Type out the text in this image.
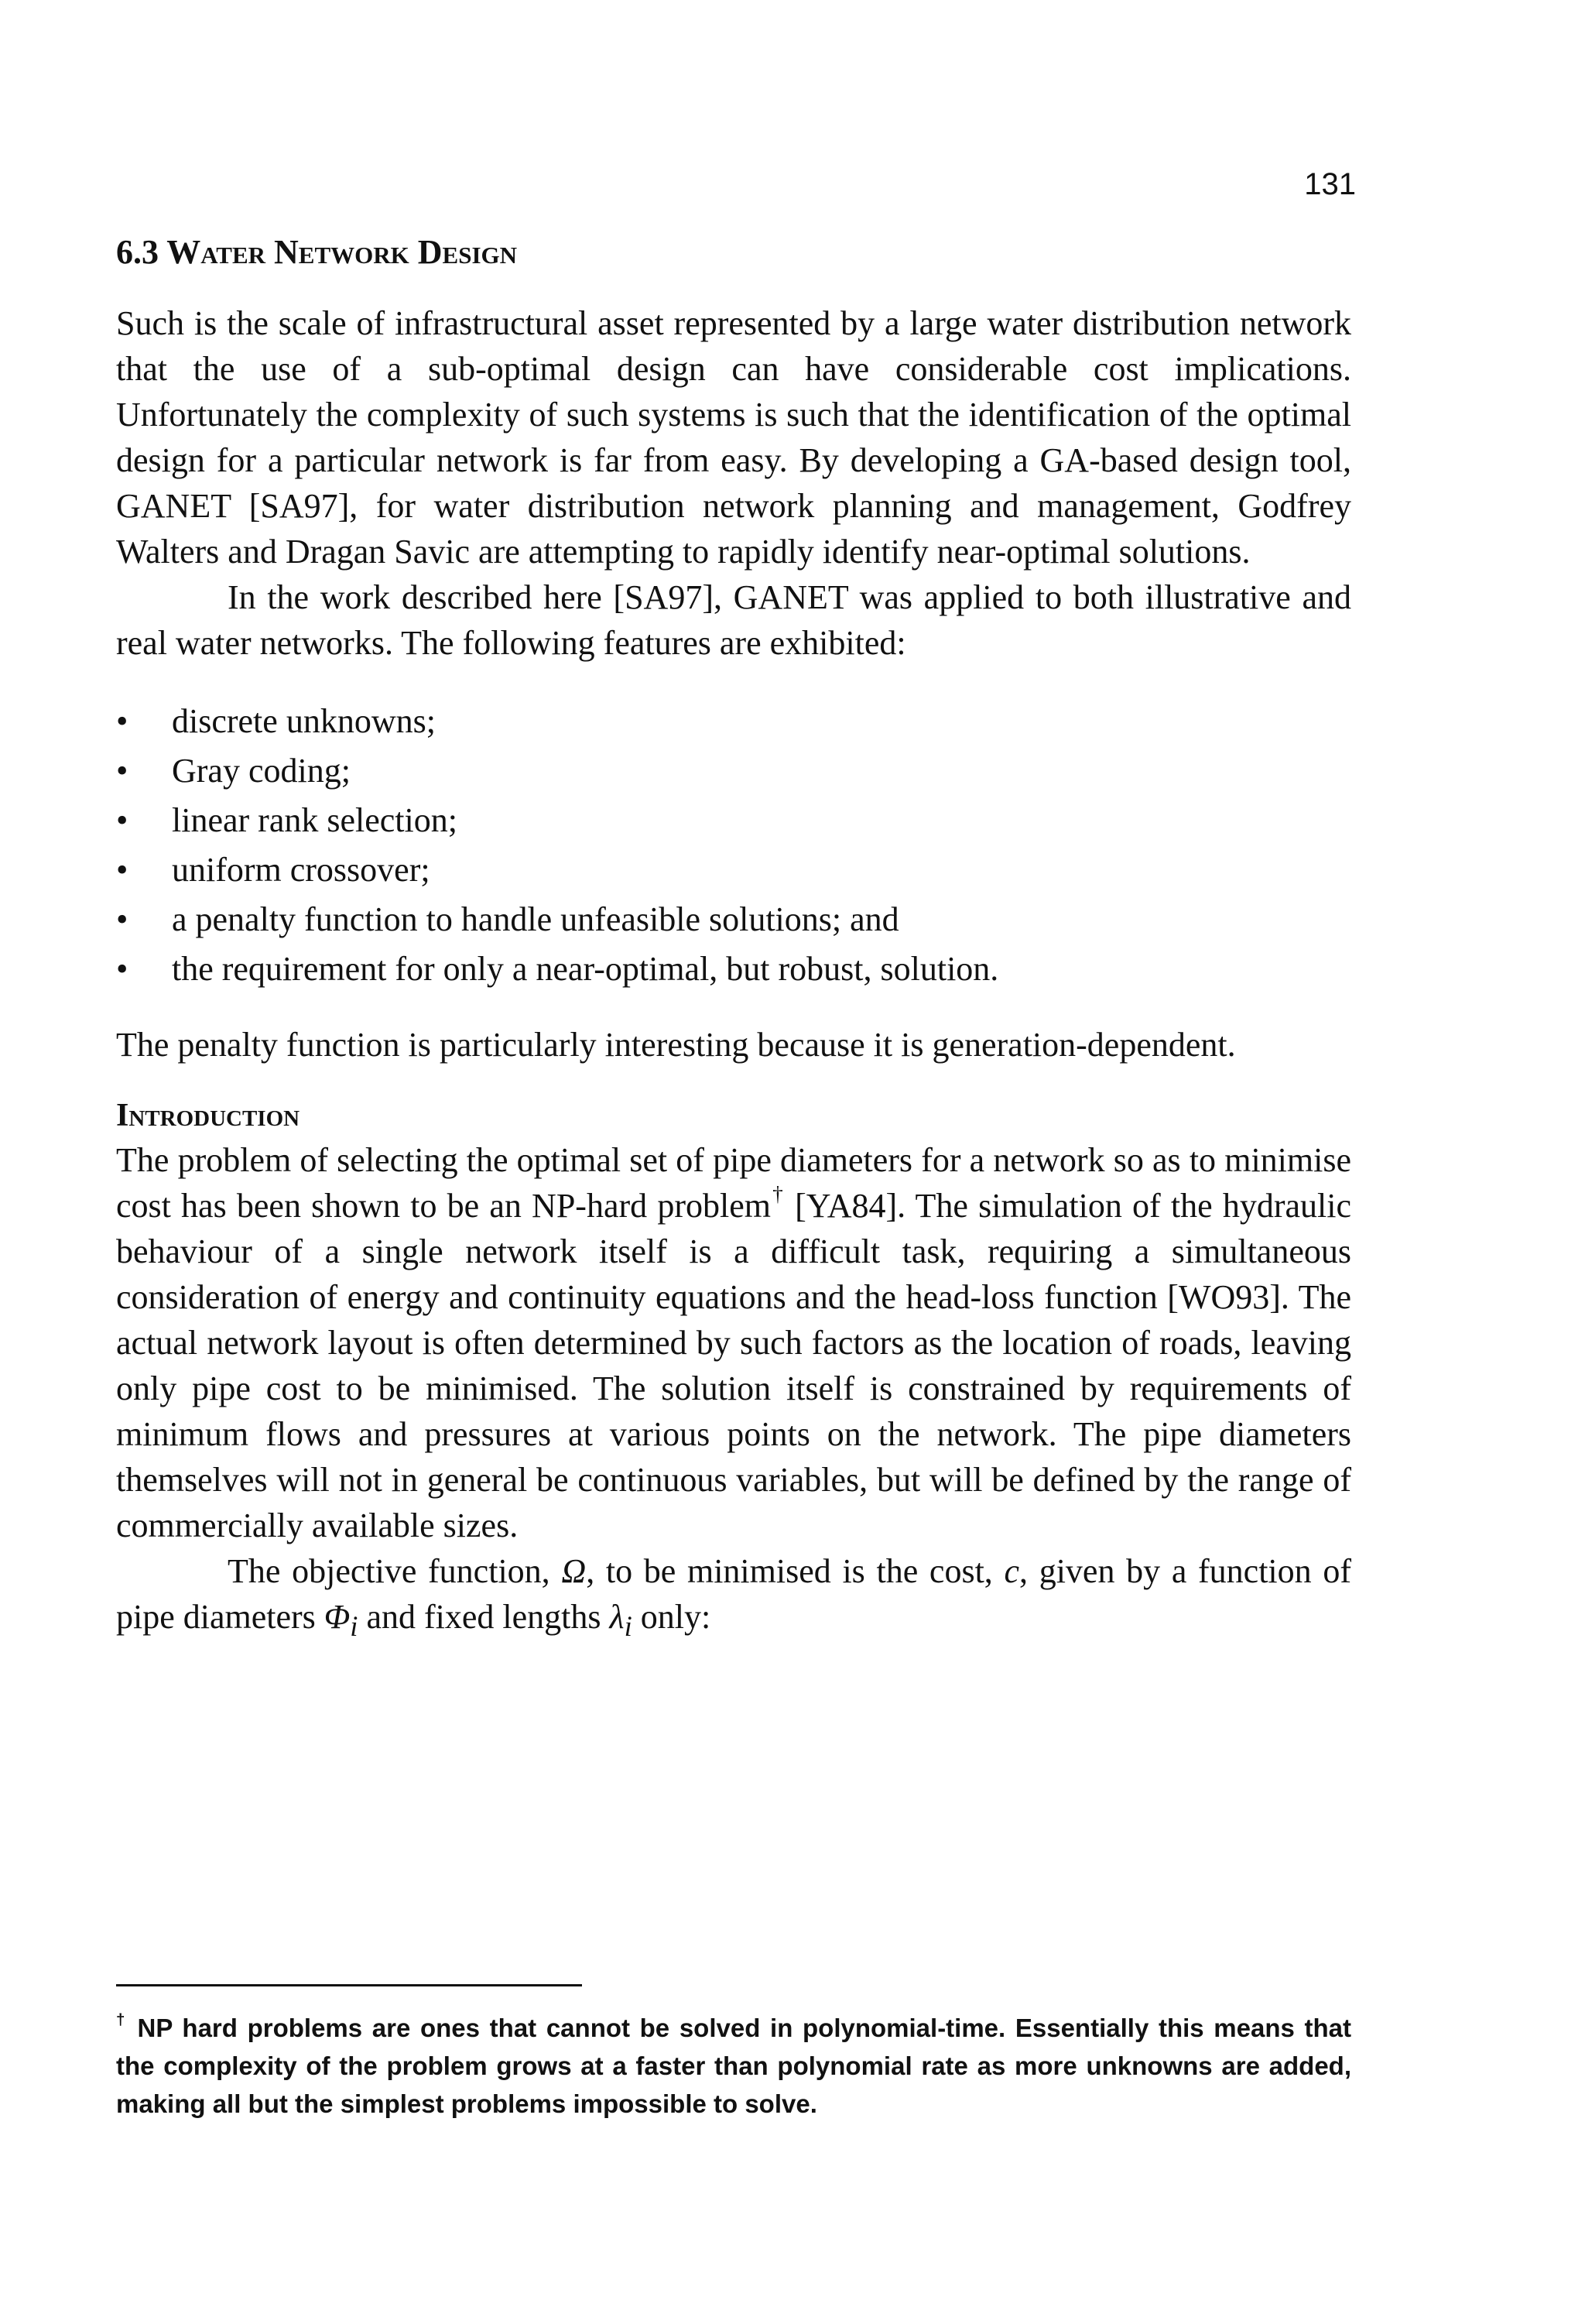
131
6.3 Water Network Design

Such is the scale of infrastructural asset represented by a large water distribution network that the use of a sub-optimal design can have considerable cost implications. Unfortunately the complexity of such systems is such that the identification of the optimal design for a particular network is far from easy. By developing a GA-based design tool, GANET [SA97], for water distribution network planning and management, Godfrey Walters and Dragan Savic are attempting to rapidly identify near-optimal solutions.

In the work described here [SA97], GANET was applied to both illustrative and real water networks. The following features are exhibited:

•	discrete unknowns;
•	Gray coding;
•	linear rank selection;
•	uniform crossover;
•	a penalty function to handle unfeasible solutions; and
•	the requirement for only a near-optimal, but robust, solution.

The penalty function is particularly interesting because it is generation-dependent.

Introduction

The problem of selecting the optimal set of pipe diameters for a network so as to minimise cost has been shown to be an NP-hard problem† [YA84]. The simulation of the hydraulic behaviour of a single network itself is a difficult task, requiring a simultaneous consideration of energy and continuity equations and the head-loss function [WO93]. The actual network layout is often determined by such factors as the location of roads, leaving only pipe cost to be minimised. The solution itself is constrained by requirements of minimum flows and pressures at various points on the network. The pipe diameters themselves will not in general be continuous variables, but will be defined by the range of commercially available sizes.

The objective function, Ω, to be minimised is the cost, c, given by a function of pipe diameters $\Phi_i$ and fixed lengths $\lambda_i$ only:

† NP hard problems are ones that cannot be solved in polynomial-time. Essentially this means that the complexity of the problem grows at a faster than polynomial rate as more unknowns are added, making all but the simplest problems impossible to solve.
